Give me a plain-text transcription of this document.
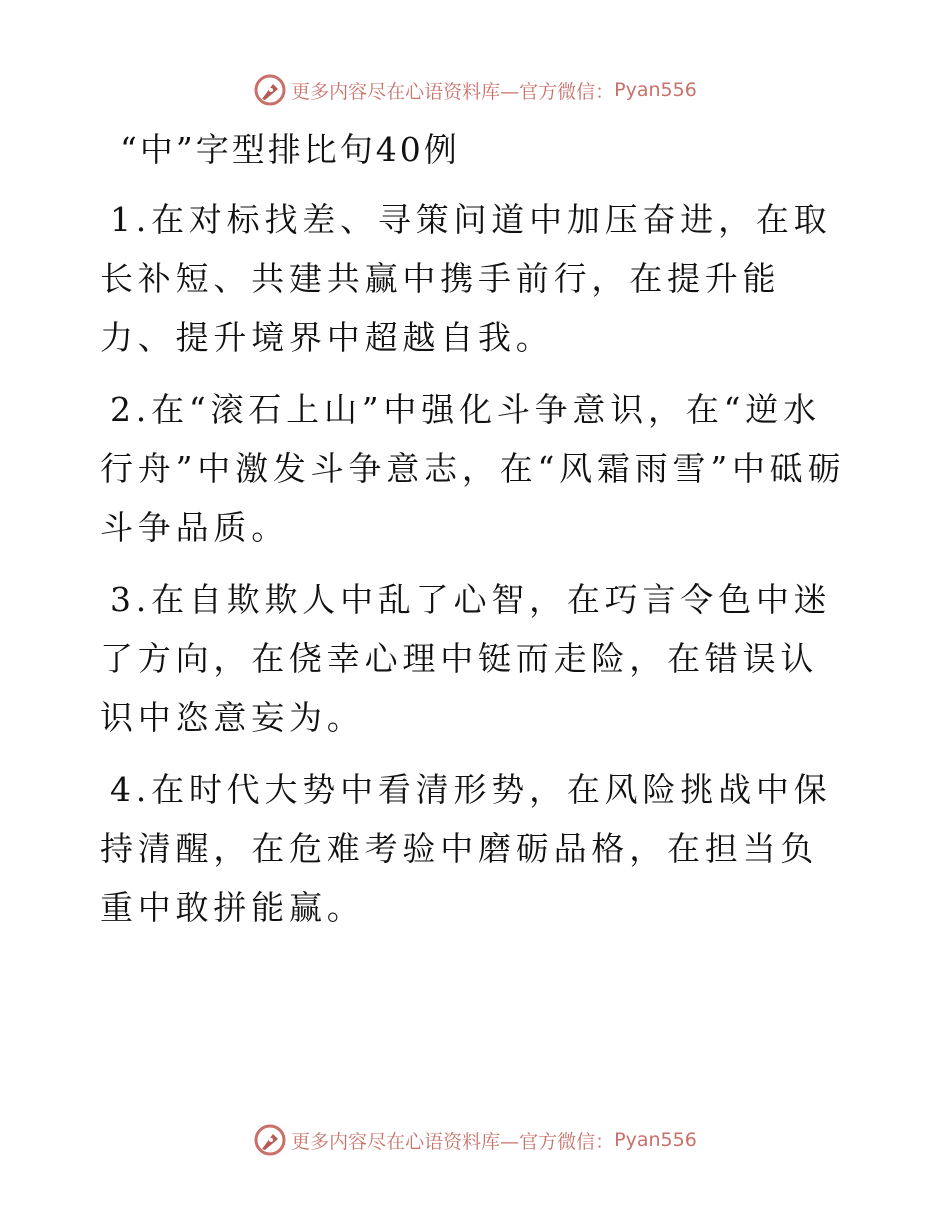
更多内容尽在心语资料库—官方微信： Pyan556
“中”字型排比句40例

1.在对标找差、寻策问道中加压奋进，在取长补短、共建共赢中携手前行，在提升能力、提升境界中超越自我。

2.在“滚石上山”中强化斗争意识，在“逆水行舟”中激发斗争意志，在“风霜雨雪”中砥砺斗争品质。

3.在自欺欺人中乱了心智，在巧言令色中迷了方向，在侥幸心理中铤而走险，在错误认识中恣意妄为。

4.在时代大势中看清形势，在风险挑战中保持清醒，在危难考验中磨砺品格，在担当负重中敢拼能赢。

更多内容尽在心语资料库—官方微信： Pyan556
